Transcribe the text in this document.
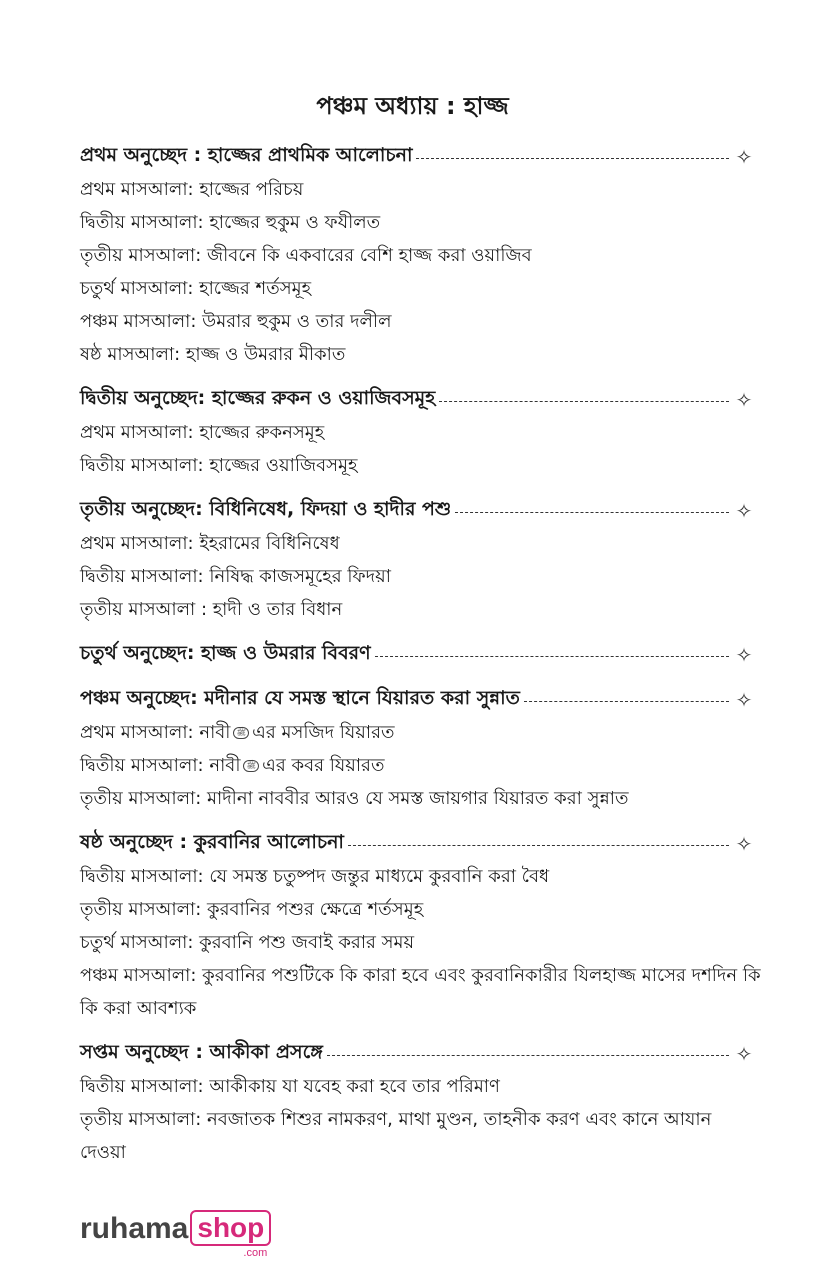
পঞ্চম অধ্যায় : হাজ্জ
প্রথম অনুচ্ছেদ : হাজ্জের প্রাথমিক আলোচনা	✧
প্রথম মাসআলা: হাজ্জের পরিচয়
দ্বিতীয় মাসআলা: হাজ্জের হুকুম ও ফযীলত
তৃতীয় মাসআলা: জীবনে কি একবারের বেশি হাজ্জ করা ওয়াজিব
চতুর্থ মাসআলা: হাজ্জের শর্তসমূহ
পঞ্চম মাসআলা: উমরার হুকুম ও তার দলীল
ষষ্ঠ মাসআলা: হাজ্জ ও উমরার মীকাত
দ্বিতীয় অনুচ্ছেদ: হাজ্জের রুকন ও ওয়াজিবসমূহ	✧
প্রথম মাসআলা: হাজ্জের রুকনসমূহ
দ্বিতীয় মাসআলা: হাজ্জের ওয়াজিবসমূহ
তৃতীয় অনুচ্ছেদ: বিধিনিষেধ, ফিদয়া ও হাদীর পশু	✧
প্রথম মাসআলা: ইহরামের বিধিনিষেধ
দ্বিতীয় মাসআলা: নিষিদ্ধ কাজসমূহের ফিদয়া
তৃতীয় মাসআলা : হাদী ও তার বিধান
চতুর্থ অনুচ্ছেদ: হাজ্জ ও উমরার বিবরণ	✧
পঞ্চম অনুচ্ছেদ: মদীনার যে সমস্ত স্থানে যিয়ারত করা সুন্নাত	✧
প্রথম মাসআলা: নাবী ﷺ এর মসজিদ যিয়ারত
দ্বিতীয় মাসআলা: নাবী ﷺ এর কবর যিয়ারত
তৃতীয় মাসআলা: মাদীনা নাববীর আরও যে সমস্ত জায়গার যিয়ারত করা সুন্নাত
ষষ্ঠ অনুচ্ছেদ : কুরবানির আলোচনা	✧
দ্বিতীয় মাসআলা: যে সমস্ত চতুষ্পদ জন্তুর মাধ্যমে কুরবানি করা বৈধ
তৃতীয় মাসআলা: কুরবানির পশুর ক্ষেত্রে শর্তসমূহ
চতুর্থ মাসআলা: কুরবানি পশু জবাই করার সময়
পঞ্চম মাসআলা: কুরবানির পশুটিকে কি কারা হবে এবং কুরবানিকারীর যিলহাজ্জ মাসের দশদিন কি কি করা আবশ্যক
সপ্তম অনুচ্ছেদ : আকীকা প্রসঙ্গে	✧
দ্বিতীয় মাসআলা: আকীকায় যা যবেহ করা হবে তার পরিমাণ
তৃতীয় মাসআলা: নবজাতক শিশুর নামকরণ, মাথা মুণ্ডন, তাহনীক করণ এবং কানে আযান দেওয়া
ruhama shop
.com
